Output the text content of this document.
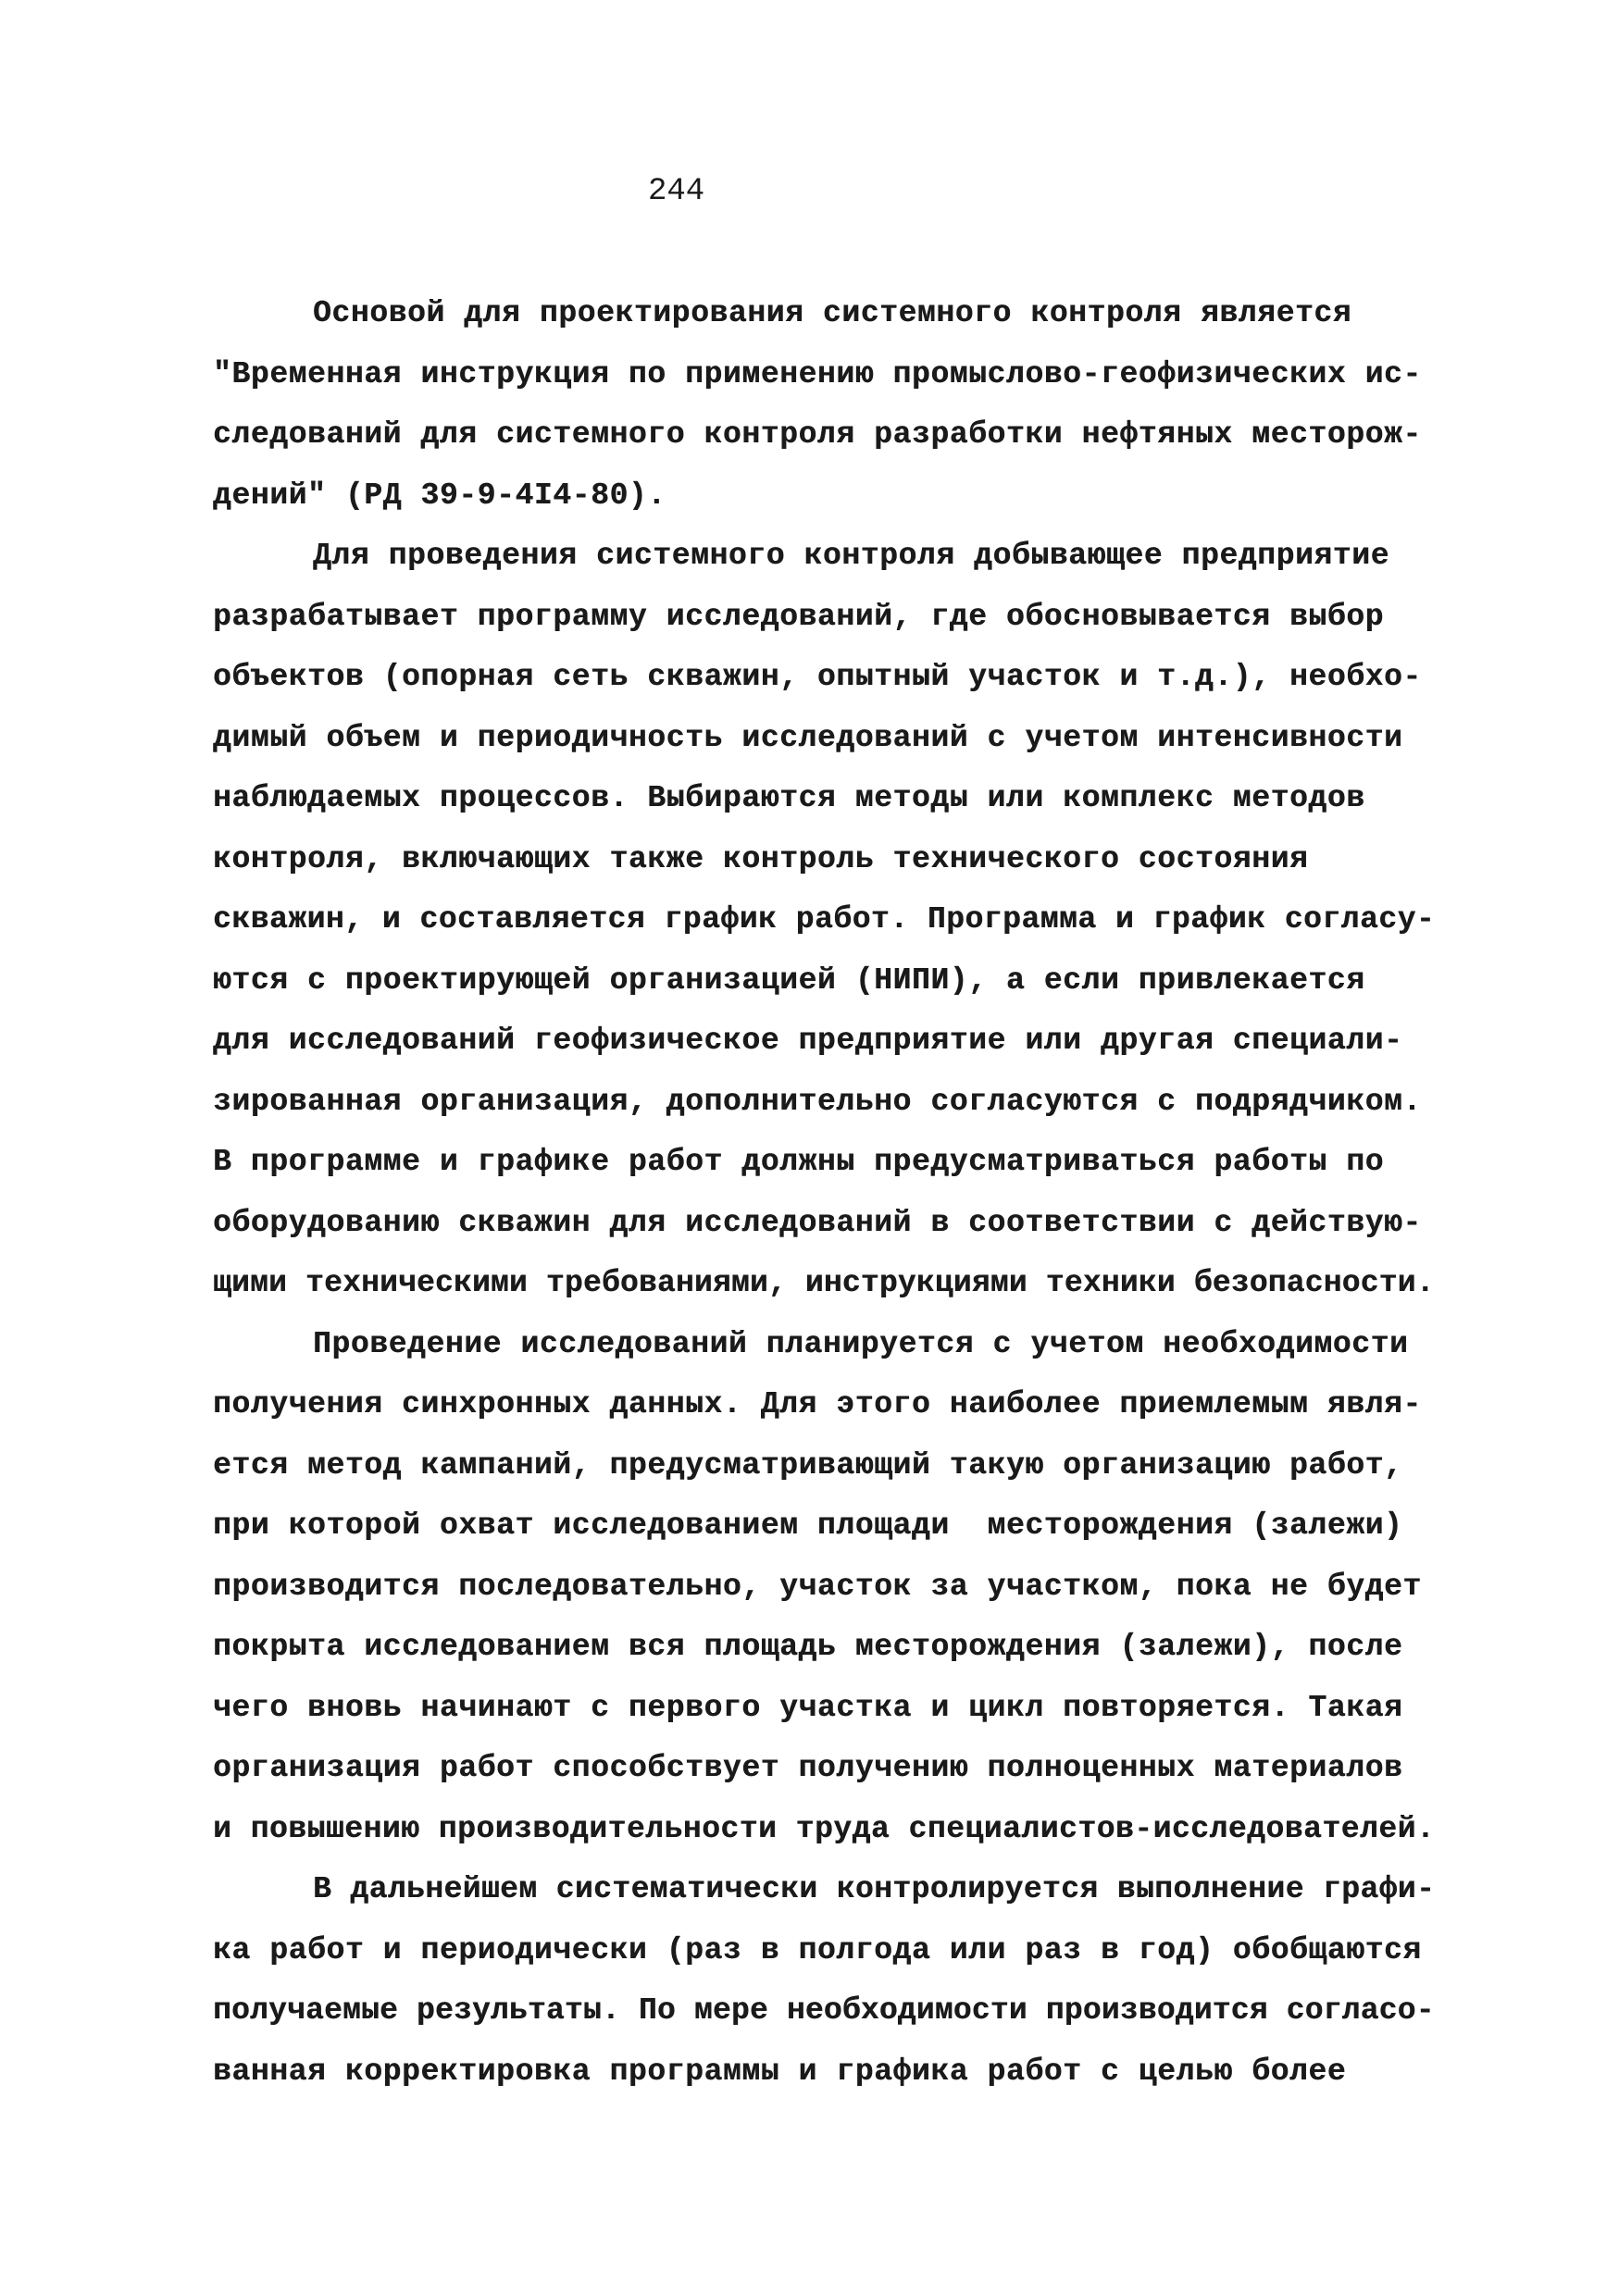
244
Основой для проектирования системного контроля является
"Временная инструкция по применению промыслово-геофизических ис-
следований для системного контроля разработки нефтяных месторож-
дений" (РД 39-9-4I4-80).
Для проведения системного контроля добывающее предприятие
разрабатывает программу исследований, где обосновывается выбор
объектов (опорная сеть скважин, опытный участок и т.д.), необхо-
димый объем и периодичность исследований с учетом интенсивности
наблюдаемых процессов. Выбираются методы или комплекс методов
контроля, включающих также контроль технического состояния
скважин, и составляется график работ. Программа и график согласу-
ются с проектирующей организацией (НИПИ), а если привлекается
для исследований геофизическое предприятие или другая специали-
зированная организация, дополнительно согласуются с подрядчиком.
В программе и графике работ должны предусматриваться работы по
оборудованию скважин для исследований в соответствии с действую-
щими техническими требованиями, инструкциями техники безопасности.
Проведение исследований планируется с учетом необходимости
получения синхронных данных. Для этого наиболее приемлемым явля-
ется метод кампаний, предусматривающий такую организацию работ,
при которой охват исследованием площади  месторождения (залежи)
производится последовательно, участок за участком, пока не будет
покрыта исследованием вся площадь месторождения (залежи), после
чего вновь начинают с первого участка и цикл повторяется. Такая
организация работ способствует получению полноценных материалов
и повышению производительности труда специалистов-исследователей.
В дальнейшем систематически контролируется выполнение графи-
ка работ и периодически (раз в полгода или раз в год) обобщаются
получаемые результаты. По мере необходимости производится согласо-
ванная корректировка программы и графика работ с целью более
